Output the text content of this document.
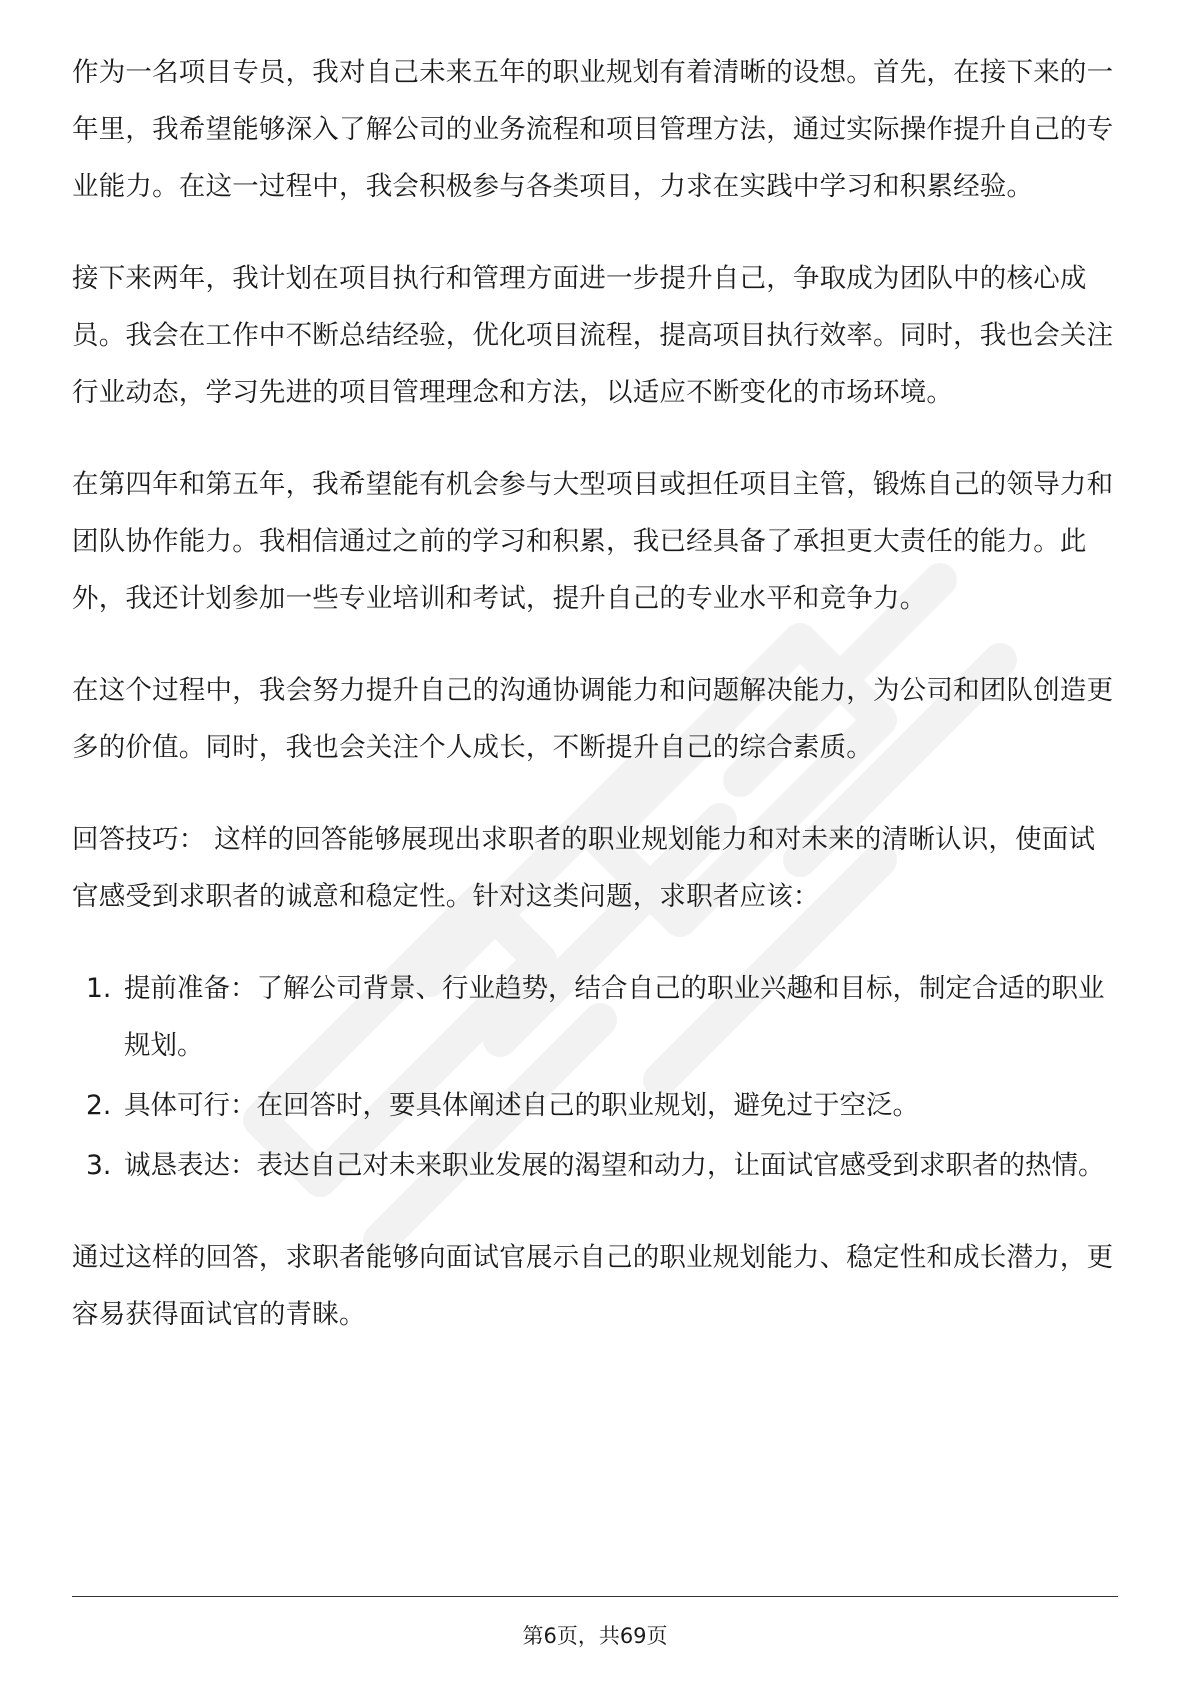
作为一名项目专员，我对自己未来五年的职业规划有着清晰的设想。首先，在接下来的一年里，我希望能够深入了解公司的业务流程和项目管理方法，通过实际操作提升自己的专业能力。在这一过程中，我会积极参与各类项目，力求在实践中学习和积累经验。

接下来两年，我计划在项目执行和管理方面进一步提升自己，争取成为团队中的核心成员。我会在工作中不断总结经验，优化项目流程，提高项目执行效率。同时，我也会关注行业动态，学习先进的项目管理理念和方法，以适应不断变化的市场环境。

在第四年和第五年，我希望能有机会参与大型项目或担任项目主管，锻炼自己的领导力和团队协作能力。我相信通过之前的学习和积累，我已经具备了承担更大责任的能力。此外，我还计划参加一些专业培训和考试，提升自己的专业水平和竞争力。

在这个过程中，我会努力提升自己的沟通协调能力和问题解决能力，为公司和团队创造更多的价值。同时，我也会关注个人成长，不断提升自己的综合素质。

回答技巧： 这样的回答能够展现出求职者的职业规划能力和对未来的清晰认识，使面试官感受到求职者的诚意和稳定性。针对这类问题，求职者应该：

1. 提前准备：了解公司背景、行业趋势，结合自己的职业兴趣和目标，制定合适的职业规划。
2. 具体可行：在回答时，要具体阐述自己的职业规划，避免过于空泛。
3. 诚恳表达：表达自己对未来职业发展的渴望和动力，让面试官感受到求职者的热情。

通过这样的回答，求职者能够向面试官展示自己的职业规划能力、稳定性和成长潜力，更容易获得面试官的青睐。

第6页，共69页
